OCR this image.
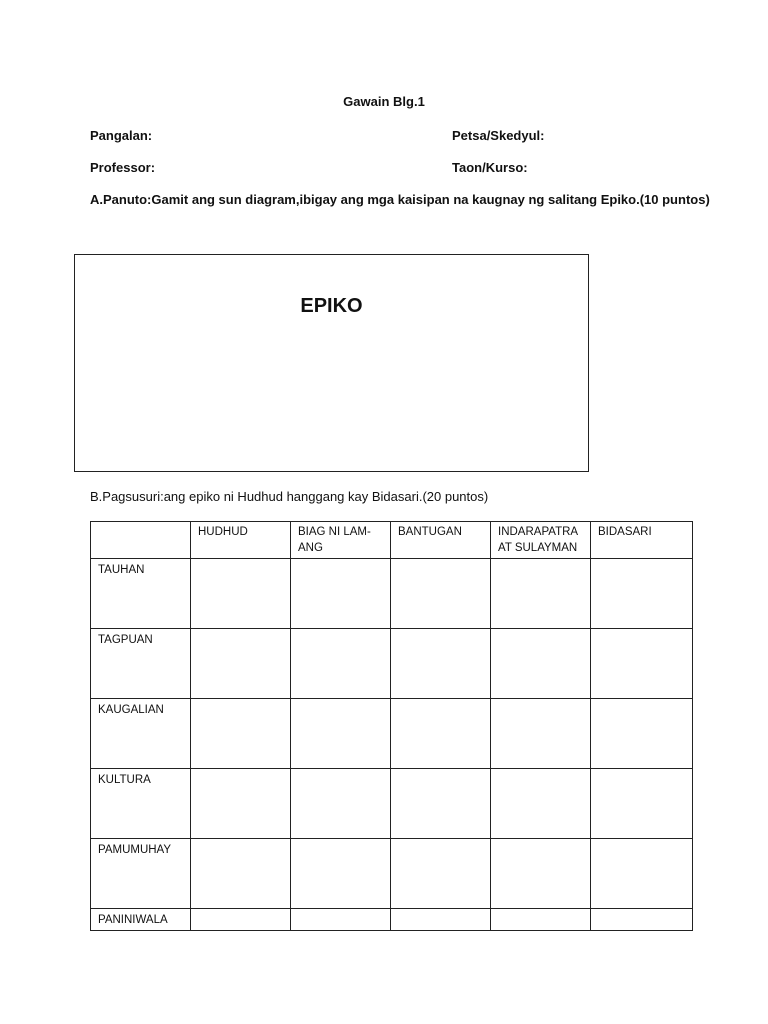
Gawain Blg.1
Pangalan:	Petsa/Skedyul:
Professor:	Taon/Kurso:
A.Panuto:Gamit ang sun diagram,ibigay ang mga kaisipan na kaugnay ng salitang Epiko.(10 puntos)
EPIKO
B.Pagsusuri:ang epiko ni Hudhud hanggang kay Bidasari.(20 puntos)
	HUDHUD	BIAG NI LAM-ANG	BANTUGAN	INDARAPATRA AT SULAYMAN	BIDASARI
TAUHAN					
TAGPUAN					
KAUGALIAN					
KULTURA					
PAMUMUHAY					
PANINIWALA					
